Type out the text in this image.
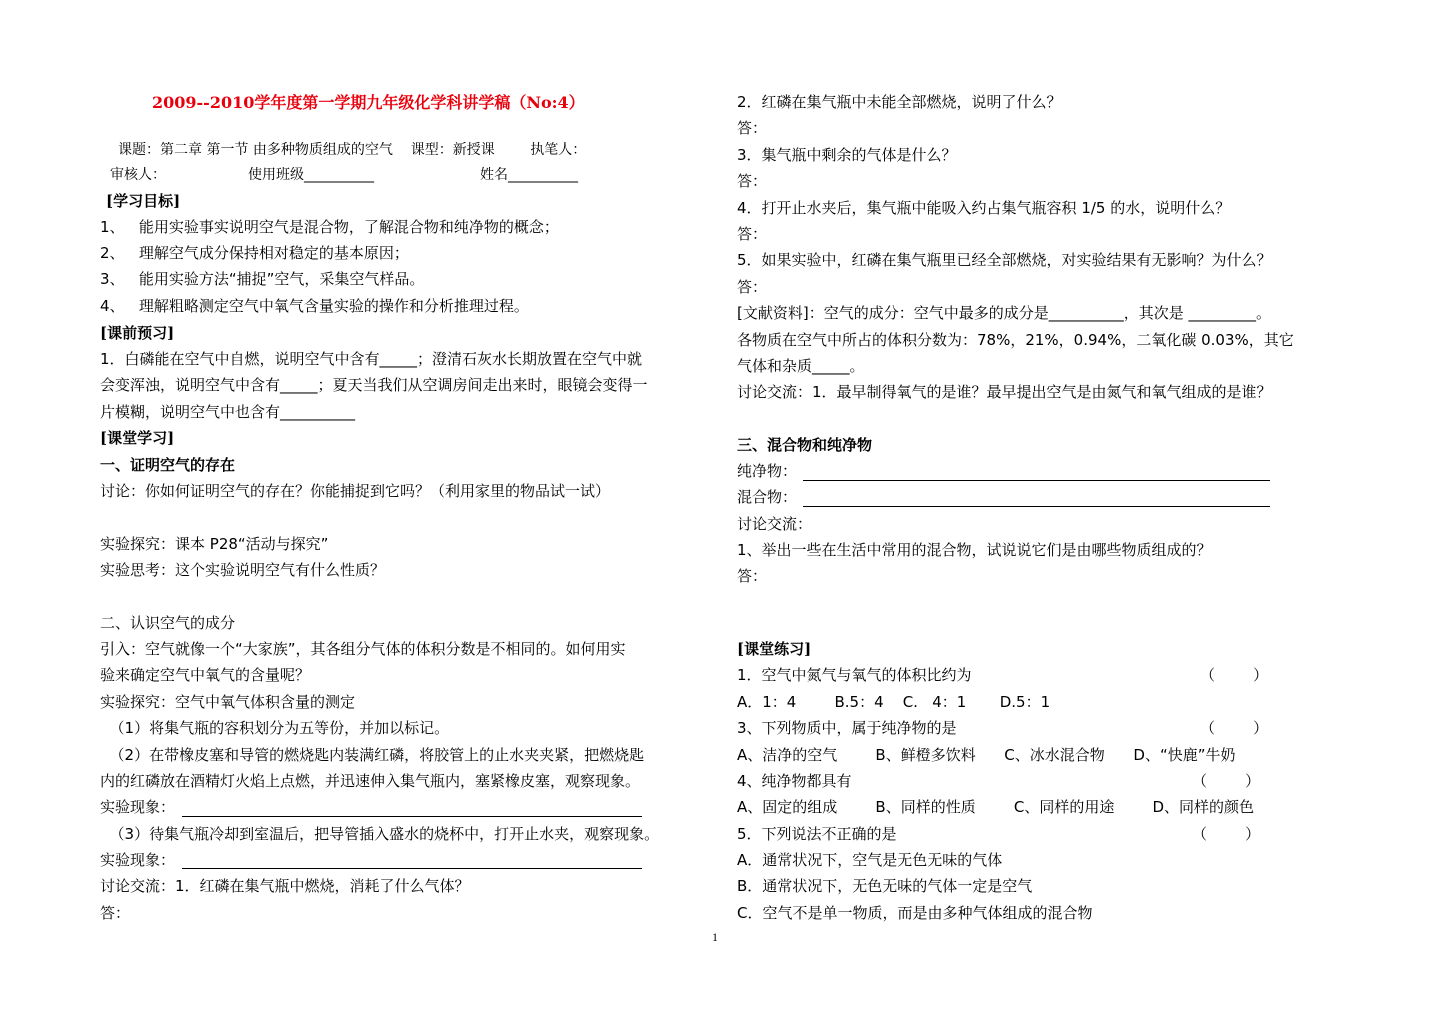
2009--2010学年度第一学期九年级化学科讲学稿（No:4）
课题：第二章 第一节 由多种物质组成的空气    课型：新授课        执笔人：
审核人：	使用班级__________	姓名__________
[学习目标]
1、   能用实验事实说明空气是混合物，了解混合物和纯净物的概念；
2、   理解空气成分保持相对稳定的基本原因；
3、   能用实验方法“捕捉”空气，采集空气样品。
4、   理解粗略测定空气中氧气含量实验的操作和分析推理过程。
[课前预习]
1．白磷能在空气中自燃，说明空气中含有_____；澄清石灰水长期放置在空气中就
会变浑浊，说明空气中含有_____；夏天当我们从空调房间走出来时，眼镜会变得一
片模糊，说明空气中也含有__________
[课堂学习]
一、证明空气的存在
讨论：你如何证明空气的存在？你能捕捉到它吗？（利用家里的物品试一试）
实验探究：课本 P28“活动与探究”
实验思考：这个实验说明空气有什么性质？
二、认识空气的成分
引入：空气就像一个“大家族”，其各组分气体的体积分数是不相同的。如何用实
验来确定空气中氧气的含量呢？
实验探究：空气中氧气体积含量的测定
（1）将集气瓶的容积划分为五等份，并加以标记。
（2）在带橡皮塞和导管的燃烧匙内装满红磷，将胶管上的止水夹夹紧，把燃烧匙
内的红磷放在酒精灯火焰上点燃，并迅速伸入集气瓶内，塞紧橡皮塞，观察现象。
实验现象：
（3）待集气瓶冷却到室温后，把导管插入盛水的烧杯中，打开止水夹，观察现象。
实验现象：
讨论交流：1．红磷在集气瓶中燃烧，消耗了什么气体？
答：
2．红磷在集气瓶中未能全部燃烧，说明了什么？
答：
3．集气瓶中剩余的气体是什么？
答：
4．打开止水夹后，集气瓶中能吸入约占集气瓶容积 1/5 的水，说明什么？
答：
5．如果实验中，红磷在集气瓶里已经全部燃烧，对实验结果有无影响？为什么？
答：
[文献资料]：空气的成分：空气中最多的成分是__________，其次是 _________。
各物质在空气中所占的体积分数为：78%，21%，0.94%，二氧化碳 0.03%，其它
气体和杂质_____。
讨论交流：1．最早制得氧气的是谁？最早提出空气是由氮气和氧气组成的是谁？
三、混合物和纯净物
纯净物：
混合物：
讨论交流：
1、举出一些在生活中常用的混合物，试说说它们是由哪些物质组成的？
答：
[课堂练习]
1．空气中氮气与氧气的体积比约为	（        ）
A．1：4        B.5：4    C.   4：1       D.5：1
3、下列物质中，属于纯净物的是	（        ）
A、洁净的空气        B、鲜橙多饮料      C、冰水混合物      D、“快鹿”牛奶
4、纯净物都具有	（        ）
A、固定的组成        B、同样的性质        C、同样的用途        D、同样的颜色
5．下列说法不正确的是	（        ）
A．通常状况下，空气是无色无味的气体
B．通常状况下，无色无味的气体一定是空气
C．空气不是单一物质，而是由多种气体组成的混合物
1
